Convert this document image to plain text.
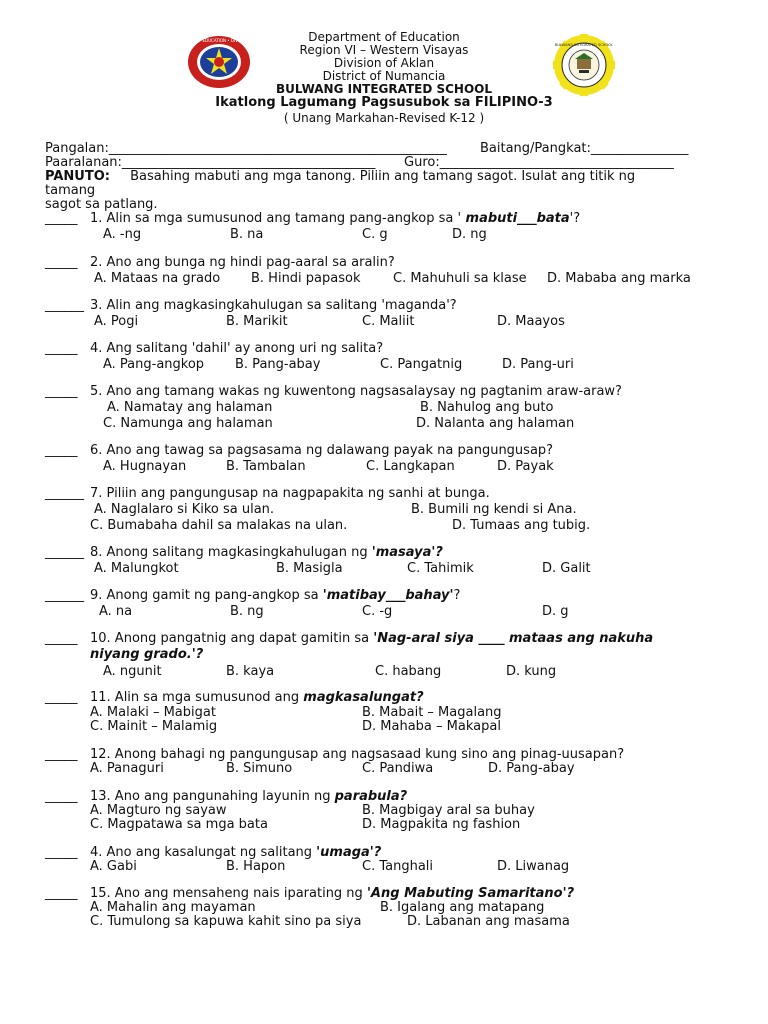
DEPARTMENT OF EDUCATION • DIVISION OF AKLAN
BULWANG INTEGRATED SCHOOL
Department of Education
Region VI – Western Visayas
Division of Aklan
District of Numancia
BULWANG INTEGRATED SCHOOL
Ikatlong Lagumang Pagsusubok sa FILIPINO-3
( Unang Markahan-Revised K-12 )
Pangalan:____________________________________________________	Baitang/Pangkat:_______________
Paaralanan:_______________________________________ Guro:____________________________________
PANUTO: Basahing mabuti ang mga tanong. Piliin ang tamang sagot. Isulat ang titik ng
tamang
sagot sa patlang.
_____ 1. Alin sa mga sumusunod ang tamang pang-angkop sa ' mabuti___bata'?
A. -ng	B. na	C. g	D. ng
_____ 2. Ano ang bunga ng hindi pag-aaral sa aralin?
A. Mataas na grado B. Hindi papasok	C. Mahuhuli sa klase D. Mababa ang marka
______ 3. Alin ang magkasingkahulugan sa salitang 'maganda'?
A. Pogi	B. Marikit	C. Maliit	D. Maayos
_____ 4. Ang salitang 'dahil' ay anong uri ng salita?
A. Pang-angkop B. Pang-abay	C. Pangatnig	D. Pang-uri
_____ 5. Ano ang tamang wakas ng kuwentong nagsasalaysay ng pagtanim araw-araw?
A. Namatay ang halaman	B. Nahulog ang buto
C. Namunga ang halaman	D. Nalanta ang halaman
_____ 6. Ano ang tawag sa pagsasama ng dalawang payak na pangungusap?
A. Hugnayan	B. Tambalan	C. Langkapan	D. Payak
______ 7. Piliin ang pangungusap na nagpapakita ng sanhi at bunga.
A. Naglalaro si Kiko sa ulan.	B. Bumili ng kendi si Ana.
C. Bumabaha dahil sa malakas na ulan.	D. Tumaas ang tubig.
______ 8. Anong salitang magkasingkahulugan ng 'masaya'?
A. Malungkot	B. Masigla	C. Tahimik	D. Galit
______ 9. Anong gamit ng pang-angkop sa 'matibay___bahay'?
A. na	B. ng	C. -g	D. g
_____ 10. Anong pangatnig ang dapat gamitin sa 'Nag-aral siya ____ mataas ang nakuha
niyang grado.'?
A. ngunit	B. kaya	C. habang	D. kung
_____ 11. Alin sa mga sumusunod ang magkasalungat?
A. Malaki – Mabigat	B. Mabait – Magalang
C. Mainit – Malamig	D. Mahaba – Makapal
_____ 12. Anong bahagi ng pangungusap ang nagsasaad kung sino ang pinag-uusapan?
A. Panaguri	B. Simuno	C. Pandiwa	D. Pang-abay
_____ 13. Ano ang pangunahing layunin ng parabula?
A. Magturo ng sayaw	B. Magbigay aral sa buhay
C. Magpatawa sa mga bata	D. Magpakita ng fashion
_____ 4. Ano ang kasalungat ng salitang 'umaga'?
A. Gabi	B. Hapon	C. Tanghali	D. Liwanag
_____ 15. Ano ang mensaheng nais iparating ng 'Ang Mabuting Samaritano'?
A. Mahalin ang mayaman	B. Igalang ang matapang
C. Tumulong sa kapuwa kahit sino pa siya	D. Labanan ang masama
